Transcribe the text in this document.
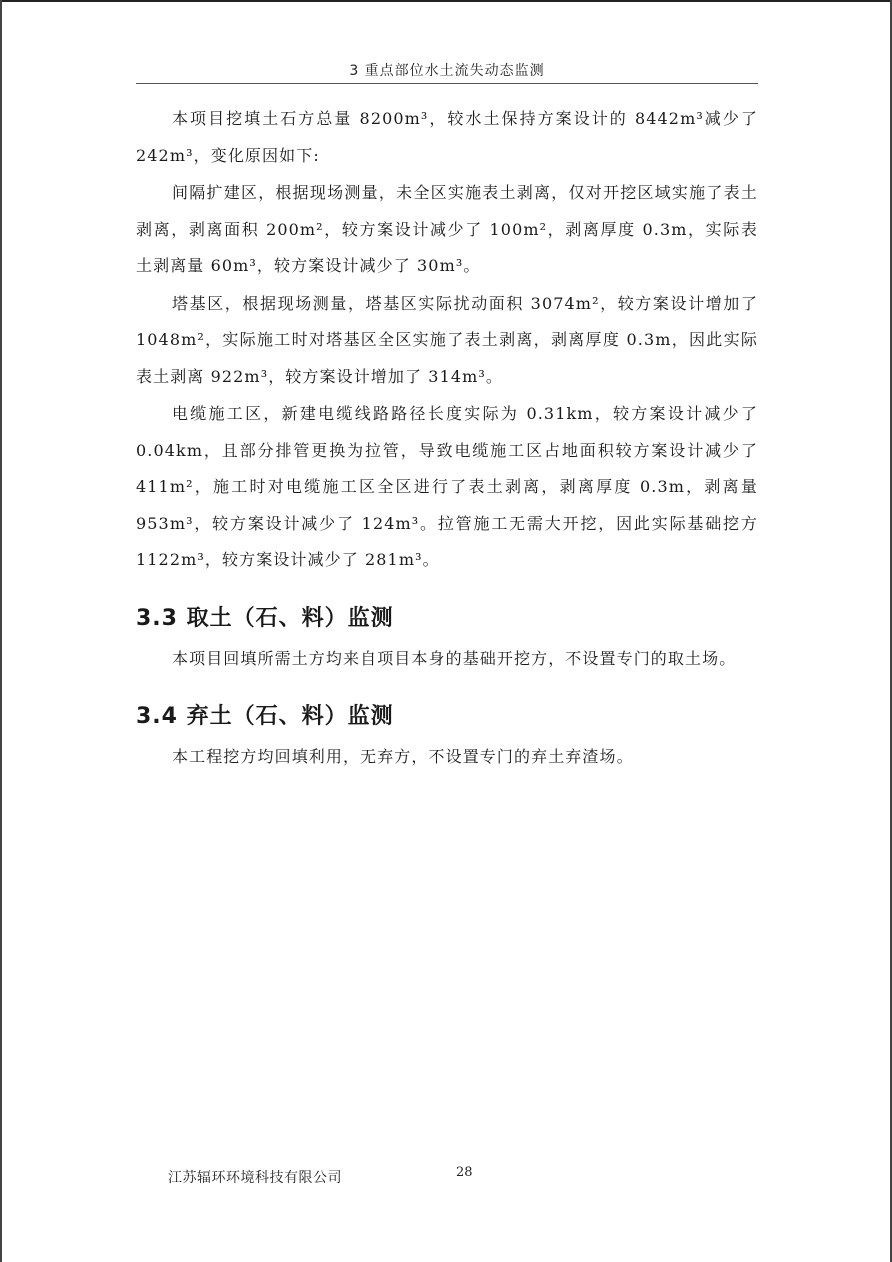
3 重点部位水土流失动态监测

本项目挖填土石方总量 8200m³，较水土保持方案设计的 8442m³减少了 242m³，变化原因如下:

间隔扩建区，根据现场测量，未全区实施表土剥离，仅对开挖区域实施了表土剥离，剥离面积 200m²，较方案设计减少了 100m²，剥离厚度 0.3m，实际表土剥离量 60m³，较方案设计减少了 30m³。

塔基区，根据现场测量，塔基区实际扰动面积 3074m²，较方案设计增加了 1048m²，实际施工时对塔基区全区实施了表土剥离，剥离厚度 0.3m，因此实际表土剥离 922m³，较方案设计增加了 314m³。

电缆施工区，新建电缆线路路径长度实际为 0.31km，较方案设计减少了 0.04km，且部分排管更换为拉管，导致电缆施工区占地面积较方案设计减少了 411m²，施工时对电缆施工区全区进行了表土剥离，剥离厚度 0.3m，剥离量 953m³，较方案设计减少了 124m³。拉管施工无需大开挖，因此实际基础挖方 1122m³，较方案设计减少了 281m³。

3.3 取土（石、料）监测

本项目回填所需土方均来自项目本身的基础开挖方，不设置专门的取土场。

3.4 弃土（石、料）监测

本工程挖方均回填利用，无弃方，不设置专门的弃土弃渣场。

江苏辐环环境科技有限公司	28
